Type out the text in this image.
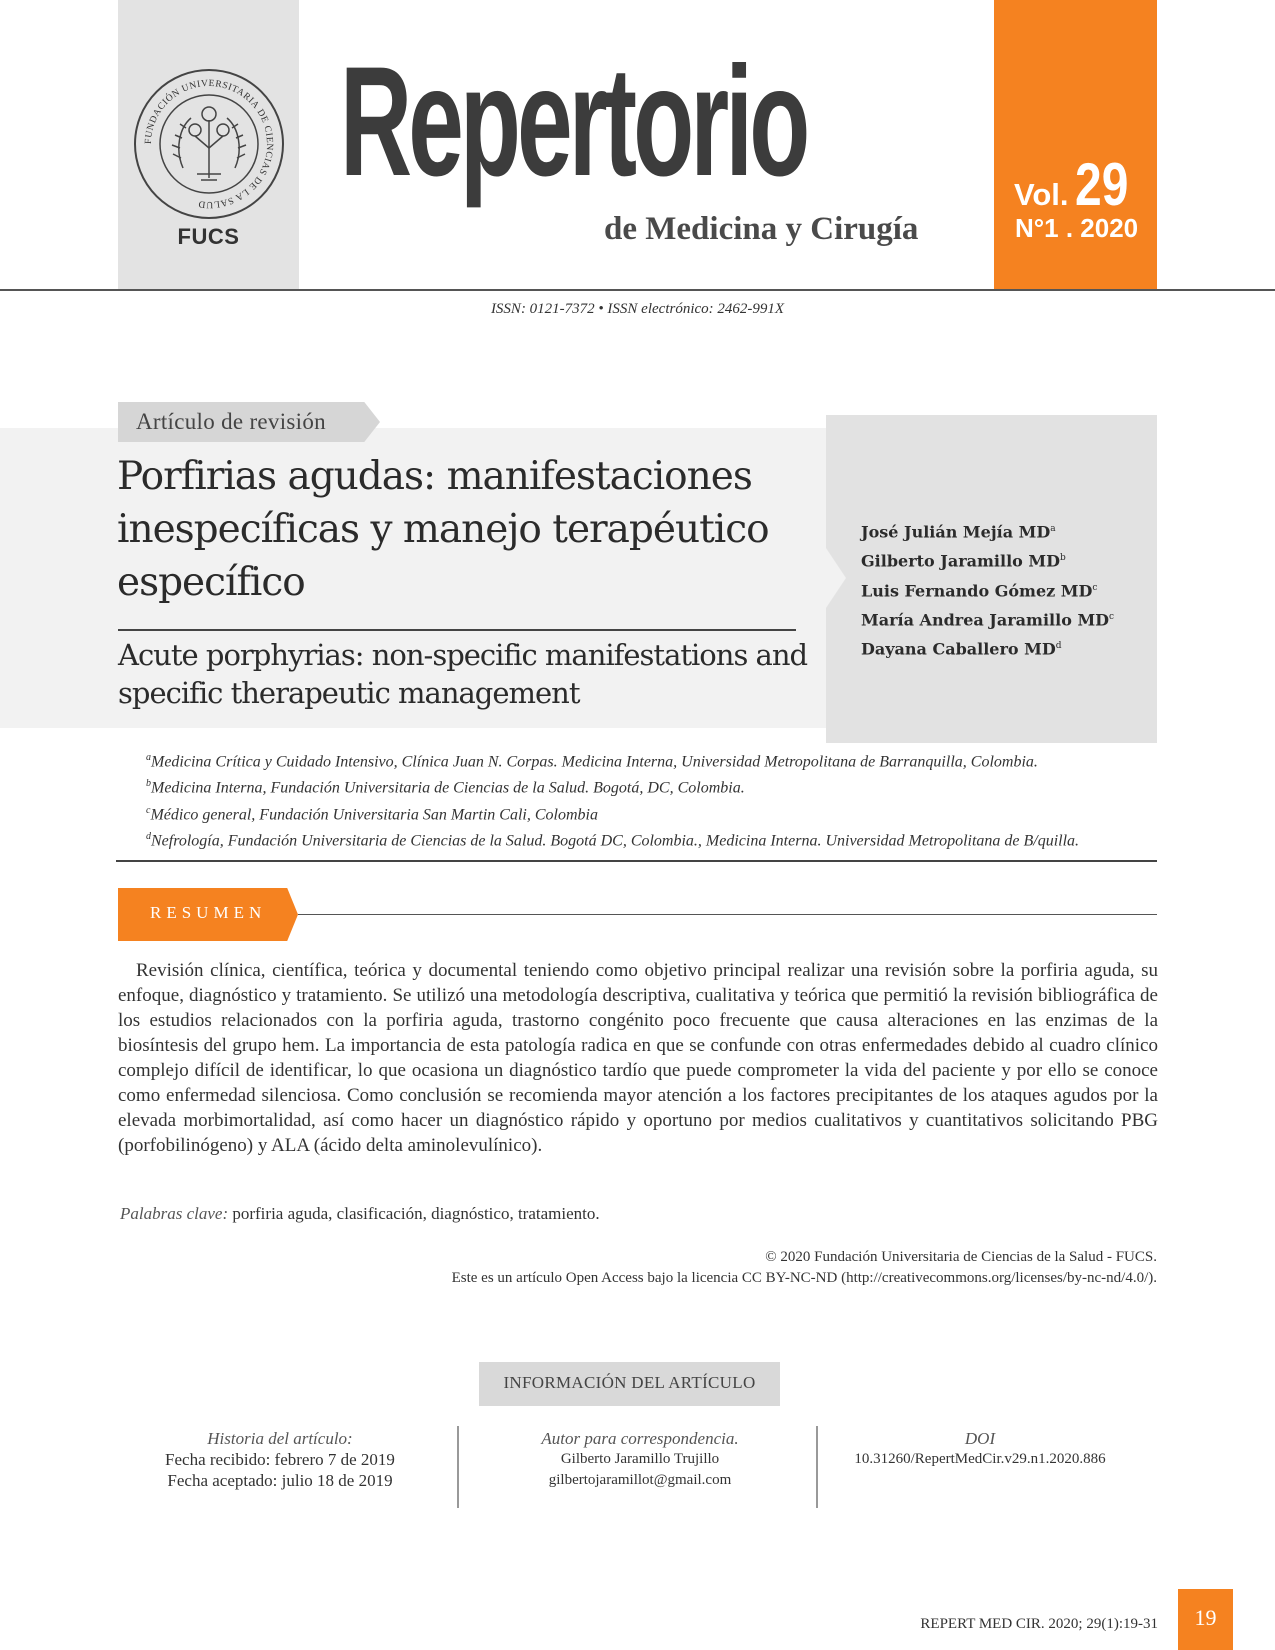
FUNDACIÓN UNIVERSITARIA DE CIENCIAS DE LA SALUD
FUCS
Repertorio
de Medicina y Cirugía
Vol. 29
N°1 . 2020
ISSN: 0121-7372 • ISSN electrónico: 2462-991X
Artículo de revisión
Porfirias agudas: manifestaciones inespecíficas y manejo terapéutico específico
Acute porphyrias: non-specific manifestations and specific therapeutic management
José Julián Mejía $MD^a$
Gilberto Jaramillo $MD^b$
Luis Fernando Gómez $MD^c$
María Andrea Jaramillo $MD^c$
Dayana Caballero $MD^d$
$^a$Medicina Crítica y Cuidado Intensivo, Clínica Juan N. Corpas. Medicina Interna, Universidad Metropolitana de Barranquilla, Colombia.
$^b$Medicina Interna, Fundación Universitaria de Ciencias de la Salud. Bogotá, DC, Colombia.
$^c$Médico general, Fundación Universitaria San Martin Cali, Colombia
$^d$Nefrología, Fundación Universitaria de Ciencias de la Salud. Bogotá DC, Colombia., Medicina Interna. Universidad Metropolitana de B/quilla.
RESUMEN

Revisión clínica, científica, teórica y documental teniendo como objetivo principal realizar una revisión sobre la porfiria aguda, su enfoque, diagnóstico y tratamiento. Se utilizó una metodología descriptiva, cualitativa y teórica que permitió la revisión bibliográfica de los estudios relacionados con la porfiria aguda, trastorno congénito poco frecuente que causa alteraciones en las enzimas de la biosíntesis del grupo hem. La importancia de esta patología radica en que se confunde con otras enfermedades debido al cuadro clínico complejo difícil de identificar, lo que ocasiona un diagnóstico tardío que puede comprometer la vida del paciente y por ello se conoce como enfermedad silenciosa. Como conclusión se recomienda mayor atención a los factores precipitantes de los ataques agudos por la elevada morbimortalidad, así como hacer un diagnóstico rápido y oportuno por medios cualitativos y cuantitativos solicitando PBG (porfobilinógeno) y ALA (ácido delta aminolevulínico).

Palabras clave: porfiria aguda, clasificación, diagnóstico, tratamiento.
© 2020 Fundación Universitaria de Ciencias de la Salud - FUCS.
Este es un artículo Open Access bajo la licencia CC BY-NC-ND (http://creativecommons.org/licenses/by-nc-nd/4.0/).
INFORMACIÓN DEL ARTÍCULO
Historia del artículo:
Fecha recibido: febrero 7 de 2019
Fecha aceptado: julio 18 de 2019
Autor para correspondencia.
Gilberto Jaramillo Trujillo
gilbertojaramillot@gmail.com
DOI
10.31260/RepertMedCir.v29.n1.2020.886
REPERT MED CIR. 2020; 29(1):19-31	19
